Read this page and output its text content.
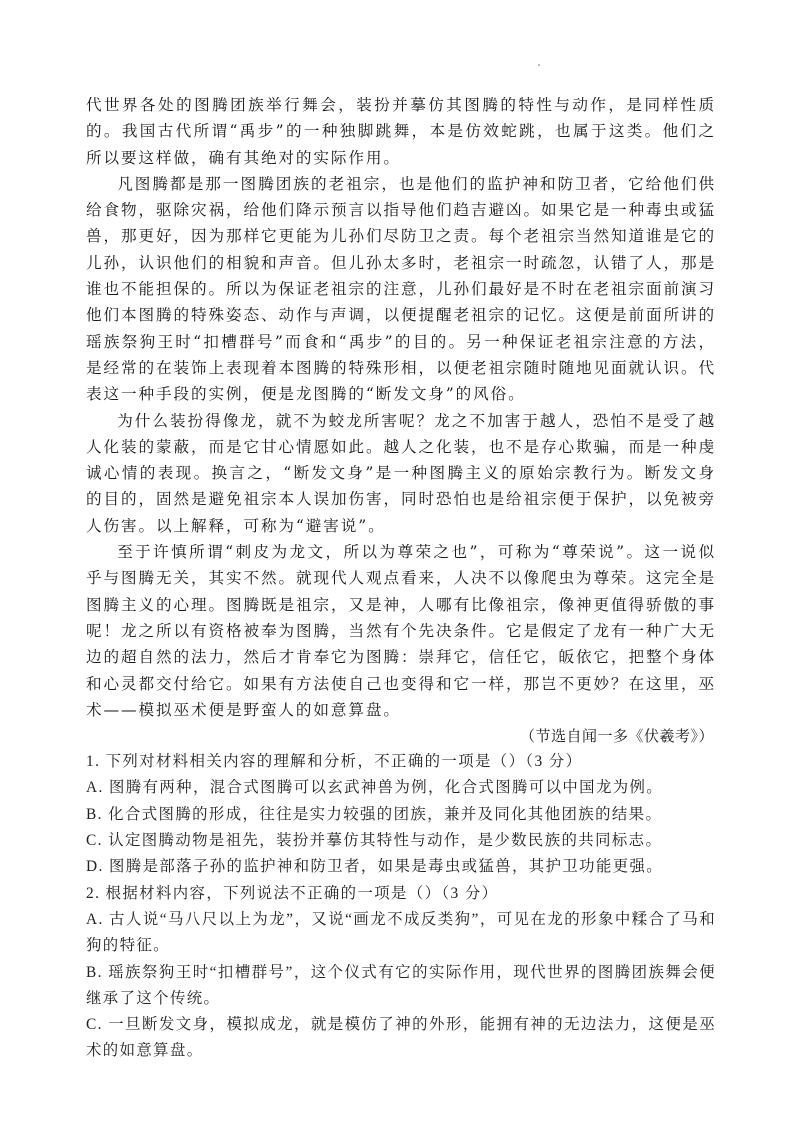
代世界各处的图腾团族举行舞会，装扮并摹仿其图腾的特性与动作，是同样性质的。我国古代所谓“禹步”的一种独脚跳舞，本是仿效蛇跳，也属于这类。他们之所以要这样做，确有其绝对的实际作用。

凡图腾都是那一图腾团族的老祖宗，也是他们的监护神和防卫者，它给他们供给食物，驱除灾祸，给他们降示预言以指导他们趋吉避凶。如果它是一种毒虫或猛兽，那更好，因为那样它更能为儿孙们尽防卫之责。每个老祖宗当然知道谁是它的儿孙，认识他们的相貌和声音。但儿孙太多时，老祖宗一时疏忽，认错了人，那是谁也不能担保的。所以为保证老祖宗的注意，儿孙们最好是不时在老祖宗面前演习他们本图腾的特殊姿态、动作与声调，以便提醒老祖宗的记忆。这便是前面所讲的瑶族祭狗王时“扣槽群号”而食和“禹步”的目的。另一种保证老祖宗注意的方法，是经常的在装饰上表现着本图腾的特殊形相，以便老祖宗随时随地见面就认识。代表这一种手段的实例，便是龙图腾的“断发文身”的风俗。

为什么装扮得像龙，就不为蛟龙所害呢？龙之不加害于越人，恐怕不是受了越人化装的蒙蔽，而是它甘心情愿如此。越人之化装，也不是存心欺骗，而是一种虔诚心情的表现。换言之，“断发文身”是一种图腾主义的原始宗教行为。断发文身的目的，固然是避免祖宗本人误加伤害，同时恐怕也是给祖宗便于保护，以免被旁人伤害。以上解释，可称为“避害说”。

至于许慎所谓“刺皮为龙文，所以为尊荣之也”，可称为“尊荣说”。这一说似乎与图腾无关，其实不然。就现代人观点看来，人决不以像爬虫为尊荣。这完全是图腾主义的心理。图腾既是祖宗，又是神，人哪有比像祖宗，像神更值得骄傲的事呢！龙之所以有资格被奉为图腾，当然有个先决条件。它是假定了龙有一种广大无边的超自然的法力，然后才肯奉它为图腾：崇拜它，信任它，皈依它，把整个身体和心灵都交付给它。如果有方法使自己也变得和它一样，那岂不更妙？在这里，巫术——模拟巫术便是野蛮人的如意算盘。

（节选自闻一多《伏羲考》）

1. 下列对材料相关内容的理解和分析，不正确的一项是（）（3 分）

A. 图腾有两种，混合式图腾可以玄武神兽为例，化合式图腾可以中国龙为例。

B. 化合式图腾的形成，往往是实力较强的团族，兼并及同化其他团族的结果。

C. 认定图腾动物是祖先，装扮并摹仿其特性与动作，是少数民族的共同标志。

D. 图腾是部落子孙的监护神和防卫者，如果是毒虫或猛兽，其护卫功能更强。

2. 根据材料内容，下列说法不正确的一项是（）（3 分）

A. 古人说“马八尺以上为龙”，又说“画龙不成反类狗”，可见在龙的形象中糅合了马和狗的特征。

B. 瑶族祭狗王时“扣槽群号”，这个仪式有它的实际作用，现代世界的图腾团族舞会便继承了这个传统。

C. 一旦断发文身，模拟成龙，就是模仿了神的外形，能拥有神的无边法力，这便是巫术的如意算盘。
